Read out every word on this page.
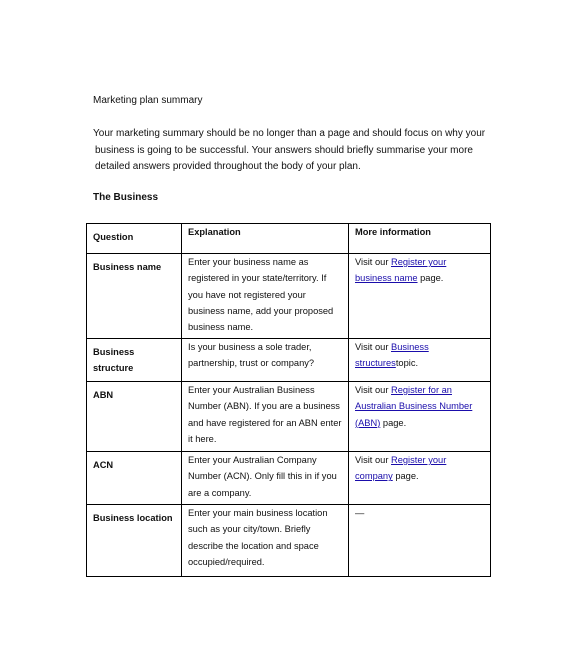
Marketing plan summary
Your marketing summary should be no longer than a page and should focus on why your
business is going to be successful. Your answers should briefly summarise your more
detailed answers provided throughout the body of your plan.
The Business
Question	Explanation	More information
Business name	Enter your business name as registered in your state/territory. If you have not registered your business name, add your proposed business name.	Visit our Register your business name page.
Business structure	Is your business a sole trader, partnership, trust or company?	Visit our Business structurestopic.
ABN	Enter your Australian Business Number (ABN). If you are a business and have registered for an ABN enter it here.	Visit our Register for an Australian Business Number (ABN) page.
ACN	Enter your Australian Company Number (ACN). Only fill this in if you are a company.	Visit our Register your company page.
Business location	Enter your main business location such as your city/town. Briefly describe the location and space occupied/required.	—
